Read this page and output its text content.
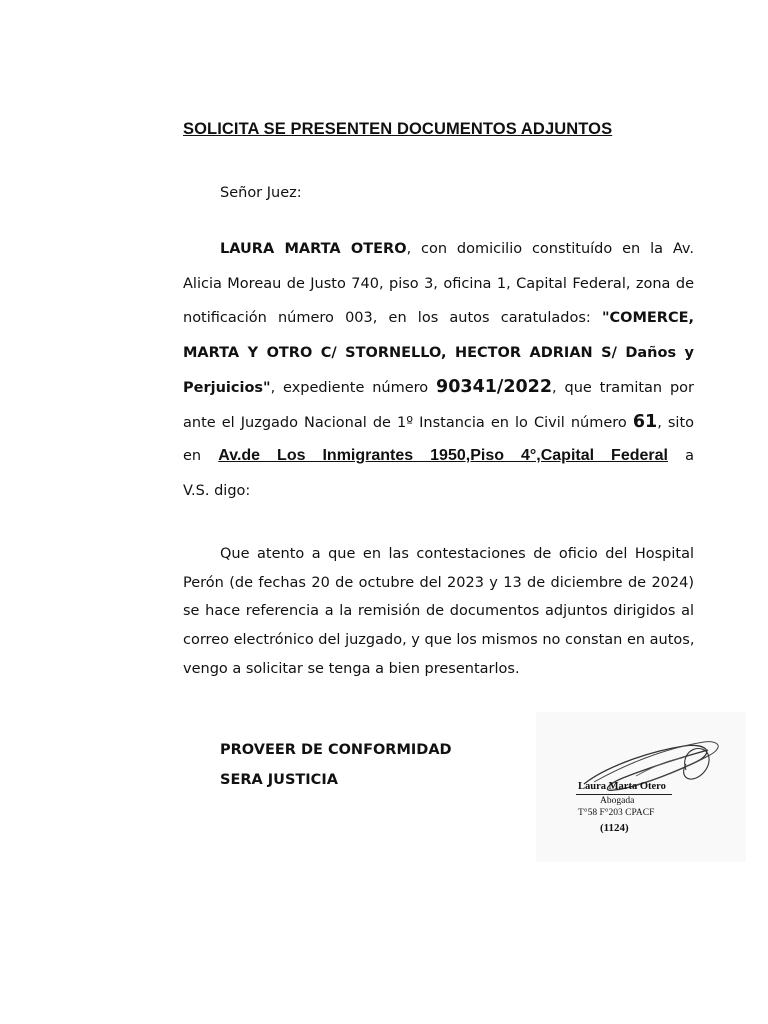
SOLICITA SE PRESENTEN DOCUMENTOS ADJUNTOS
Señor Juez:
LAURA MARTA OTERO, con domicilio constituído en la Av.
Alicia Moreau de Justo 740, piso 3, oficina 1, Capital Federal, zona de
notificación número 003, en los autos caratulados: "COMERCE,
MARTA Y OTRO C/ STORNELLO, HECTOR ADRIAN S/ Daños y
Perjuicios", expediente número 90341/2022, que tramitan por
ante el Juzgado Nacional de 1º Instancia en lo Civil número 61, sito
en Av.de Los Inmigrantes 1950,Piso 4°,Capital Federal a
V.S. digo:
Que atento a que en las contestaciones de oficio del Hospital
Perón (de fechas 20 de octubre del 2023 y 13 de diciembre de 2024)
se hace referencia a la remisión de documentos adjuntos dirigidos al
correo electrónico del juzgado, y que los mismos no constan en autos,
vengo a solicitar se tenga a bien presentarlos.
PROVEER DE CONFORMIDAD
SERA JUSTICIA	Laura Marta Otero
Abogada
T°58 F°203 CPACF
(1124)
